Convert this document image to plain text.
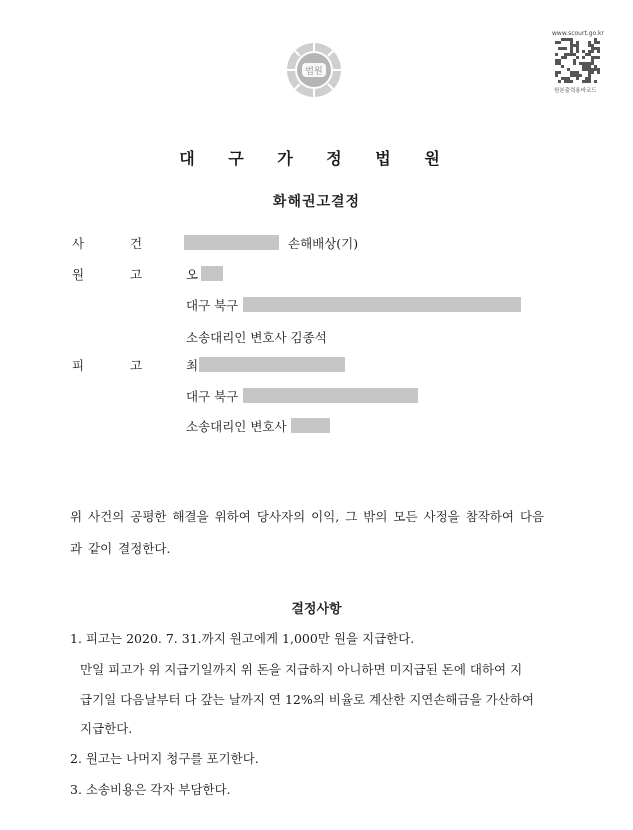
법원
www.scourt.go.kr
원본출력용바코드
대 구 가 정 법 원
화해권고결정
사	건	손해배상(기)
원	고	오
대구 북구
소송대리인 변호사 김종석
피	고	최
대구 북구
소송대리인 변호사
위 사건의 공평한 해결을 위하여 당사자의 이익, 그 밖의 모든 사정을 참작하여 다음
과 같이 결정한다.
결정사항
1. 피고는 2020. 7. 31.까지 원고에게 1,000만 원을 지급한다.
만일 피고가 위 지급기일까지 위 돈을 지급하지 아니하면 미지급된 돈에 대하여 지
급기일 다음날부터 다 갚는 날까지 연 12%의 비율로 계산한 지연손해금을 가산하여
지급한다.
2. 원고는 나머지 청구를 포기한다.
3. 소송비용은 각자 부담한다.
